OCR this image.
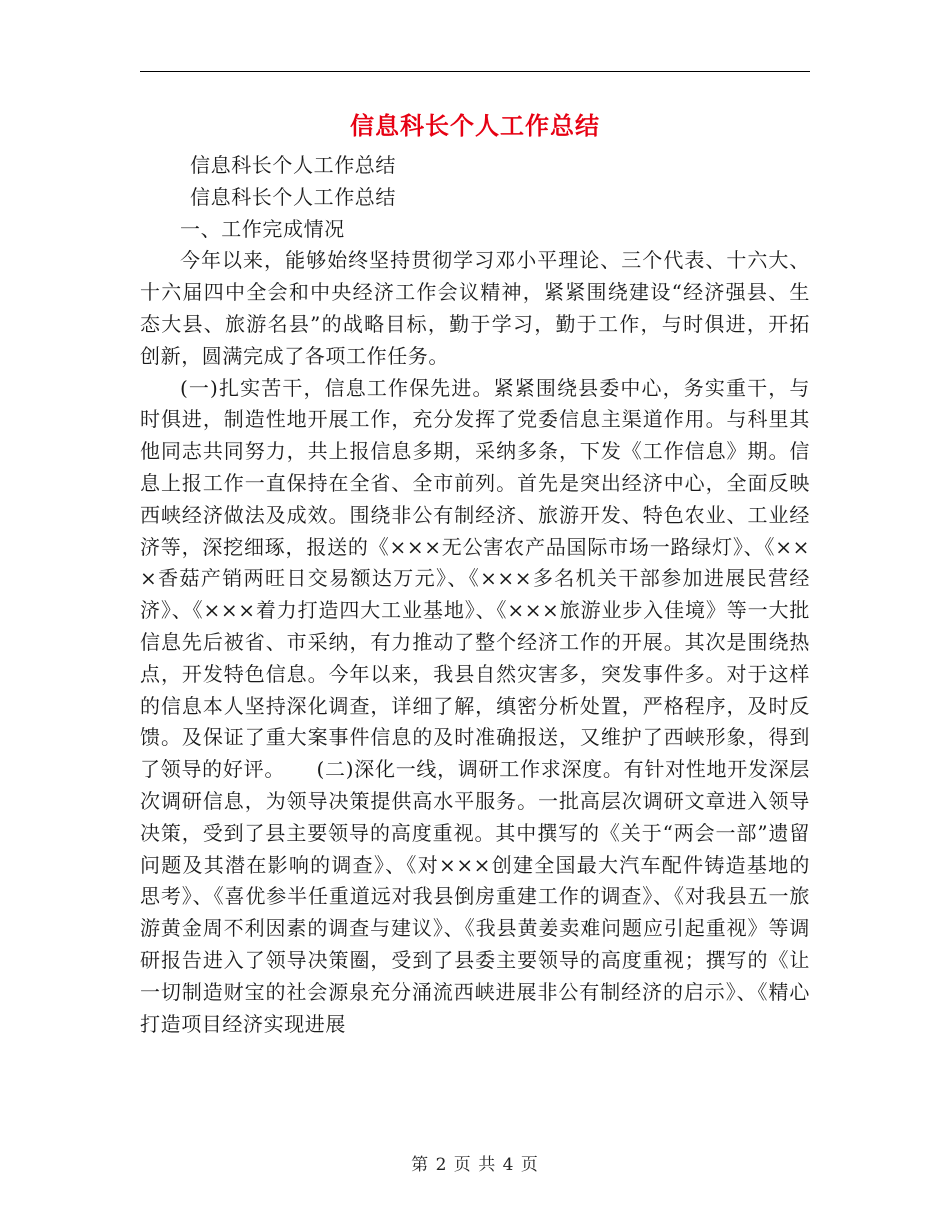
信息科长个人工作总结

信息科长个人工作总结

信息科长个人工作总结

一、工作完成情况

今年以来，能够始终坚持贯彻学习邓小平理论、三个代表、十六大、十六届四中全会和中央经济工作会议精神，紧紧围绕建设“经济强县、生态大县、旅游名县”的战略目标，勤于学习，勤于工作，与时俱进，开拓创新，圆满完成了各项工作任务。

(一)扎实苦干，信息工作保先进。紧紧围绕县委中心，务实重干，与时俱进，制造性地开展工作，充分发挥了党委信息主渠道作用。与科里其他同志共同努力，共上报信息多期，采纳多条，下发《工作信息》期。信息上报工作一直保持在全省、全市前列。首先是突出经济中心，全面反映西峡经济做法及成效。围绕非公有制经济、旅游开发、特色农业、工业经济等，深挖细琢，报送的《×××无公害农产品国际市场一路绿灯》、《×××香菇产销两旺日交易额达万元》、《×××多名机关干部参加进展民营经济》、《×××着力打造四大工业基地》、《×××旅游业步入佳境》等一大批信息先后被省、市采纳，有力推动了整个经济工作的开展。其次是围绕热点，开发特色信息。今年以来，我县自然灾害多，突发事件多。对于这样的信息本人坚持深化调查，详细了解，缜密分析处置，严格程序，及时反馈。及保证了重大案事件信息的及时准确报送，又维护了西峡形象，得到了领导的好评。　　(二)深化一线，调研工作求深度。有针对性地开发深层次调研信息，为领导决策提供高水平服务。一批高层次调研文章进入领导决策，受到了县主要领导的高度重视。其中撰写的《关于“两会一部”遗留问题及其潜在影响的调查》、《对×××创建全国最大汽车配件铸造基地的思考》、《喜优参半任重道远对我县倒房重建工作的调查》、《对我县五一旅游黄金周不利因素的调查与建议》、《我县黄姜卖难问题应引起重视》等调研报告进入了领导决策圈，受到了县委主要领导的高度重视；撰写的《让一切制造财宝的社会源泉充分涌流西峡进展非公有制经济的启示》、《精心打造项目经济实现进展

第 2 页 共 4 页
